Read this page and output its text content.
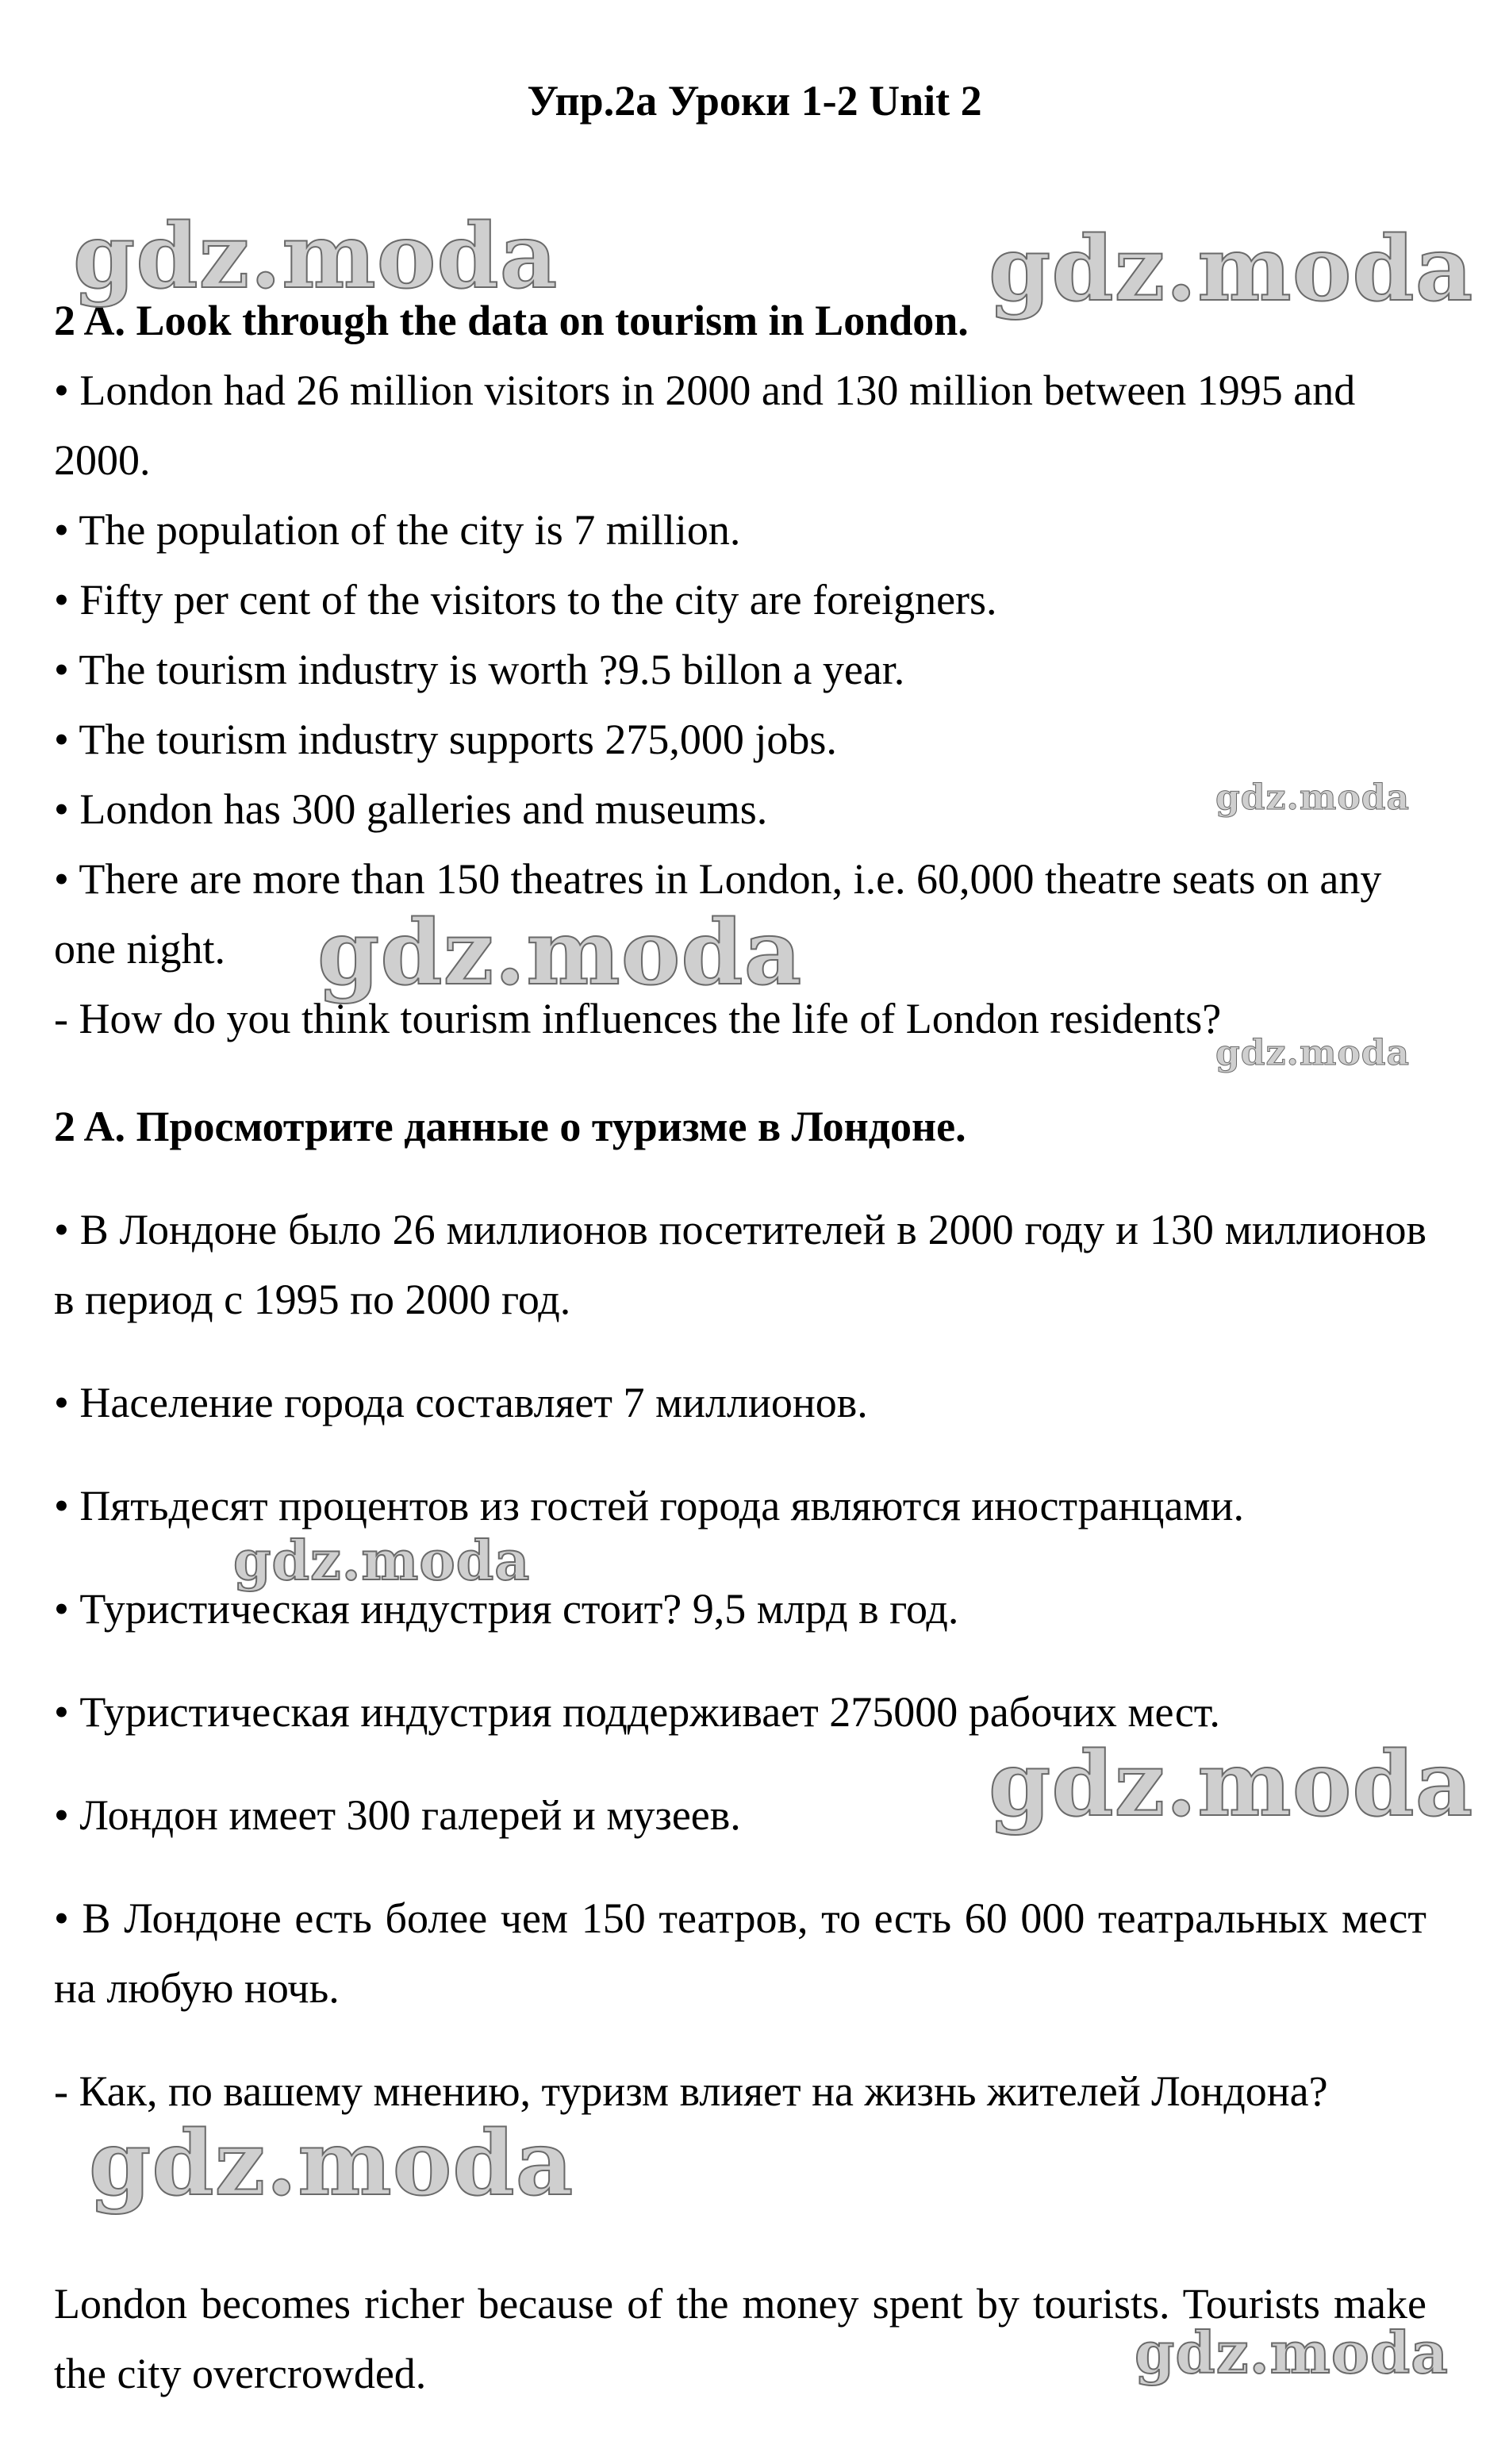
Упр.2а Уроки 1-2 Unit 2

2 A. Look through the data on tourism in London.

• London had 26 million visitors in 2000 and 130 million between 1995 and 2000.

• The population of the city is 7 million.

• Fifty per cent of the visitors to the city are foreigners.

• The tourism industry is worth ?9.5 billon a year.

• The tourism industry supports 275,000 jobs.

• London has 300 galleries and museums.

• There are more than 150 theatres in London, i.e. 60,000 theatre seats on any one night.

- How do you think tourism influences the life of London residents?

2 A. Просмотрите данные о туризме в Лондоне.

• В Лондоне было 26 миллионов посетителей в 2000 году и 130 миллионов в период с 1995 по 2000 год.

• Население города составляет 7 миллионов.

• Пятьдесят процентов из гостей города являются иностранцами.

• Туристическая индустрия стоит? 9,5 млрд в год.

• Туристическая индустрия поддерживает 275000 рабочих мест.

• Лондон имеет 300 галерей и музеев.

• В Лондоне есть более чем 150 театров, то есть 60 000 театральных мест на любую ночь.

- Как, по вашему мнению, туризм влияет на жизнь жителей Лондона?

London becomes richer because of the money spent by tourists. Tourists make the city overcrowded.

gdz.moda	gdz.moda
gdz.moda
gdz.moda
gdz.moda
gdz.moda
gdz.moda
gdz.moda
gdz.moda
